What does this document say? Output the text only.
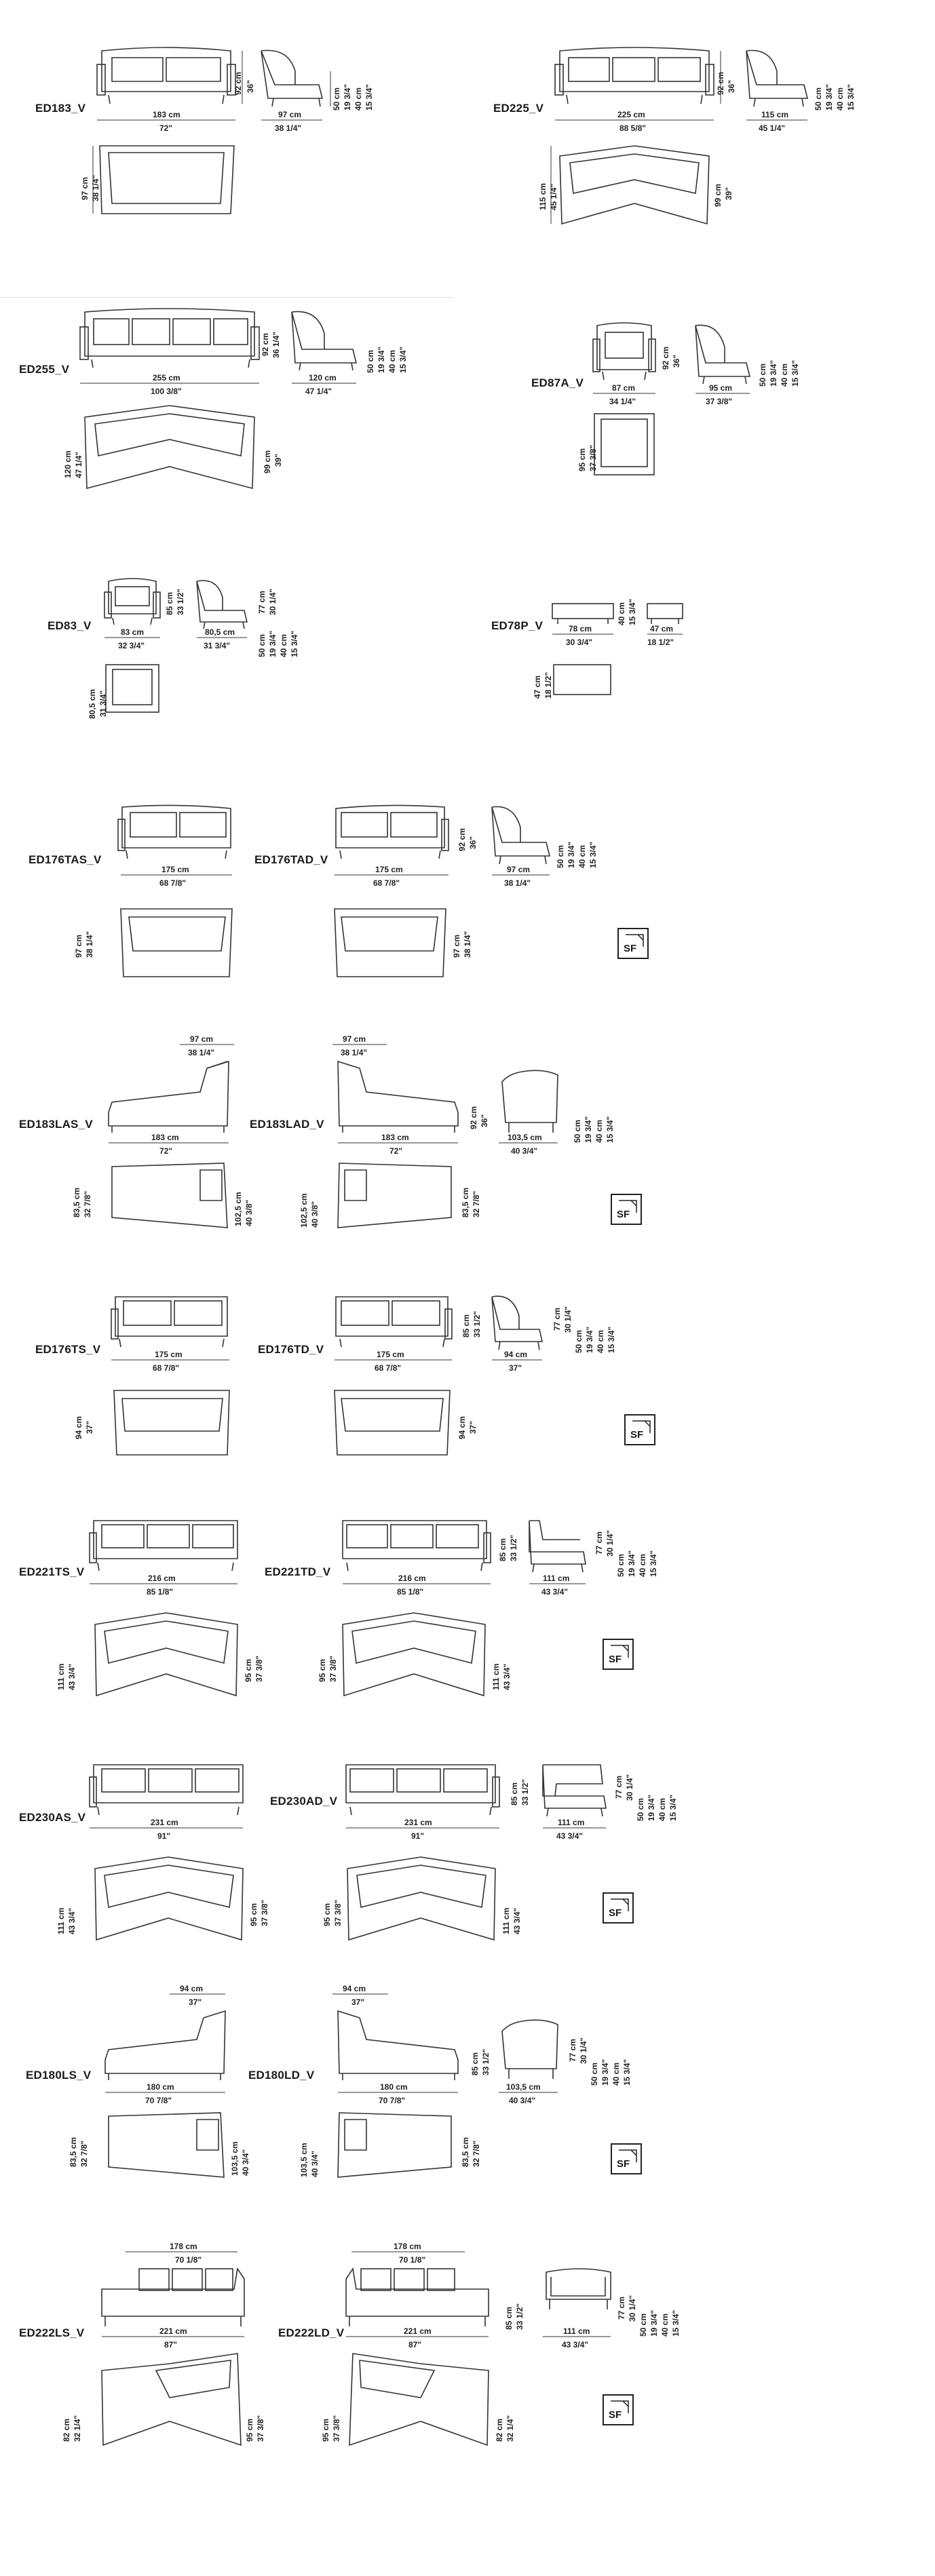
ED183_V	183 cm
72"
97 cm
38 1/4"
92 cm 36"
50 cm 19 3/4" 40 cm 15 3/4"
97 cm 38 1/4"
ED225_V	225 cm
88 5/8"
115 cm
45 1/4"
92 cm 36"
50 cm 19 3/4" 40 cm 15 3/4"
115 cm 45 1/4"	99 cm 39"
ED255_V
255 cm
100 3/8"
120 cm
47 1/4"
92 cm 36 1/4"
50 cm 19 3/4" 40 cm 15 3/4"
120 cm 47 1/4"	99 cm 39"
ED87A_V	87 cm
34 1/4"
95 cm
37 3/8"
92 cm 36"
50 cm 19 3/4" 40 cm 15 3/4"
95 cm 37 3/8"
ED83_V	83 cm
32 3/4"
80,5 cm
31 3/4"
85 cm 33 1/2"	77 cm 30 1/4"
50 cm 19 3/4" 40 cm 15 3/4"
80,5 cm 31 3/4"
ED78P_V	78 cm
30 3/4"
40 cm 15 3/4"
47 cm
18 1/2"
47 cm 18 1/2"
ED176TAS_V
175 cm
68 7/8"
97 cm 38 1/4"
ED176TAD_V
175 cm
68 7/8"
97 cm
38 1/4"
92 cm 36"
50 cm 19 3/4" 40 cm 15 3/4"
97 cm 38 1/4"	SF
ED183LAS_V
97 cm
38 1/4"
183 cm
72"
83,5 cm 32 7/8"	102,5 cm 40 3/8"
ED183LAD_V
97 cm
38 1/4"
183 cm
72"
103,5 cm
40 3/4"
92 cm 36"	50 cm 19 3/4" 40 cm 15 3/4"
102,5 cm 40 3/8"	83,5 cm 32 7/8"	SF
ED176TS_V	175 cm
68 7/8"
94 cm 37"
ED176TD_V	175 cm
68 7/8"
94 cm
37"
85 cm 33 1/2"	77 cm 30 1/4"
50 cm 19 3/4" 40 cm 15 3/4"
94 cm 37"
SF
ED221TS_V	216 cm
85 1/8"
111 cm 43 3/4"	95 cm 37 3/8"
ED221TD_V	216 cm
85 1/8"
111 cm
43 3/4"
85 cm 33 1/2"	77 cm 30 1/4"
50 cm 19 3/4" 40 cm 15 3/4"
95 cm 37 3/8"	111 cm 43 3/4"
SF
ED230AS_V	231 cm
91"
111 cm 43 3/4"	95 cm 37 3/8"
ED230AD_V
231 cm
91"
111 cm
43 3/4"
85 cm 33 1/2"	77 cm 30 1/4"
50 cm 19 3/4" 40 cm 15 3/4"
95 cm 37 3/8"	111 cm 43 3/4"	SF
ED180LS_V
94 cm
37"
180 cm
70 7/8"
83,5 cm 32 7/8"	103,5 cm 40 3/4"
ED180LD_V
94 cm
37"
180 cm
70 7/8"
103,5 cm
40 3/4"
85 cm 33 1/2"	77 cm 30 1/4"
50 cm 19 3/4" 40 cm 15 3/4"
103,5 cm 40 3/4"	83,5 cm 32 7/8"	SF
ED222LS_V
178 cm
70 1/8"
221 cm
87"
82 cm 32 1/4"	95 cm 37 3/8"
ED222LD_V
178 cm
70 1/8"
221 cm
87"
111 cm
43 3/4"
85 cm 33 1/2"	77 cm 30 1/4"
50 cm 19 3/4" 40 cm 15 3/4"
95 cm 37 3/8"	82 cm 32 1/4"
SF
